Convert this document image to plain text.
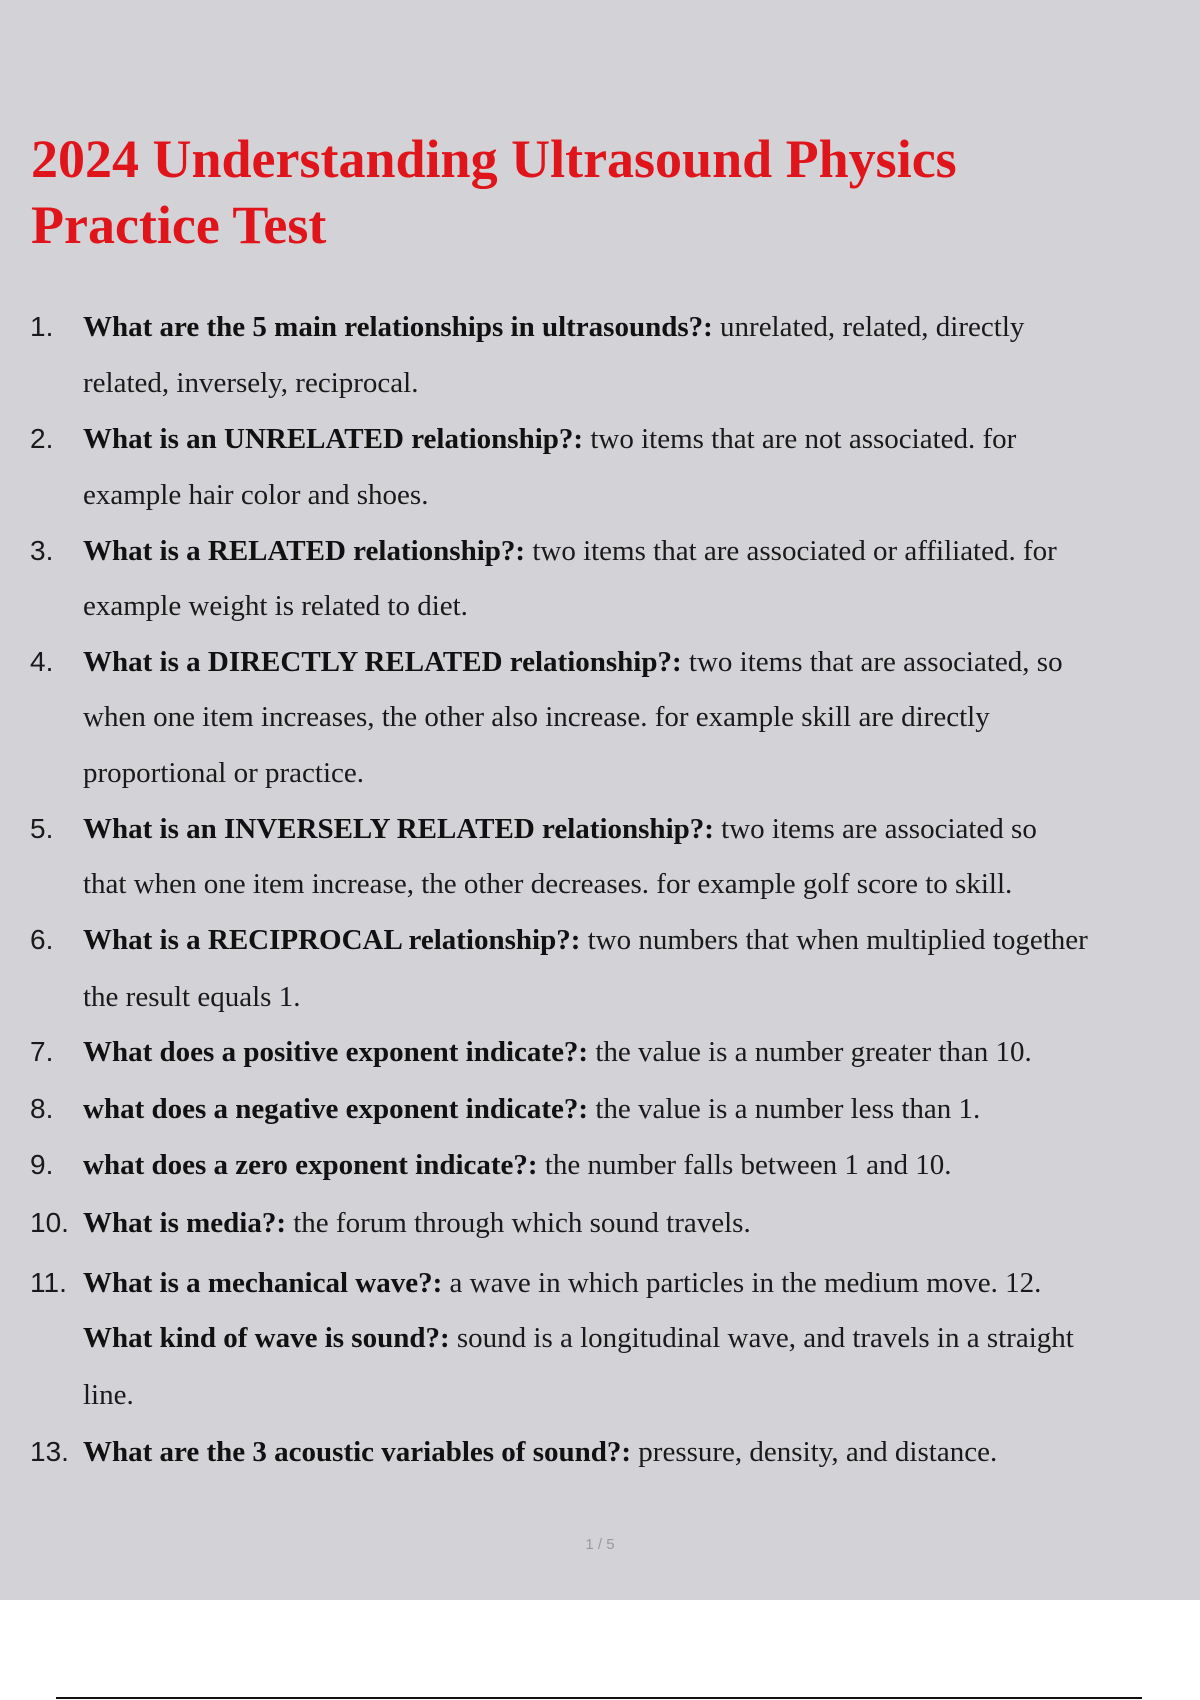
2024 Understanding Ultrasound Physics
Practice Test
1. What are the 5 main relationships in ultrasounds?: unrelated, related, directly
related, inversely, reciprocal.
2. What is an UNRELATED relationship?: two items that are not associated. for
example hair color and shoes.
3. What is a RELATED relationship?: two items that are associated or affiliated. for
example weight is related to diet.
4. What is a DIRECTLY RELATED relationship?: two items that are associated, so
when one item increases, the other also increase. for example skill are directly
proportional or practice.
5. What is an INVERSELY RELATED relationship?: two items are associated so
that when one item increase, the other decreases. for example golf score to skill.
6. What is a RECIPROCAL relationship?: two numbers that when multiplied together
the result equals 1.
7. What does a positive exponent indicate?: the value is a number greater than 10.
8. what does a negative exponent indicate?: the value is a number less than 1.
9. what does a zero exponent indicate?: the number falls between 1 and 10.
10. What is media?: the forum through which sound travels.
11. What is a mechanical wave?: a wave in which particles in the medium move. 12.
What kind of wave is sound?: sound is a longitudinal wave, and travels in a straight
line.
13. What are the 3 acoustic variables of sound?: pressure, density, and distance.
1 / 5
